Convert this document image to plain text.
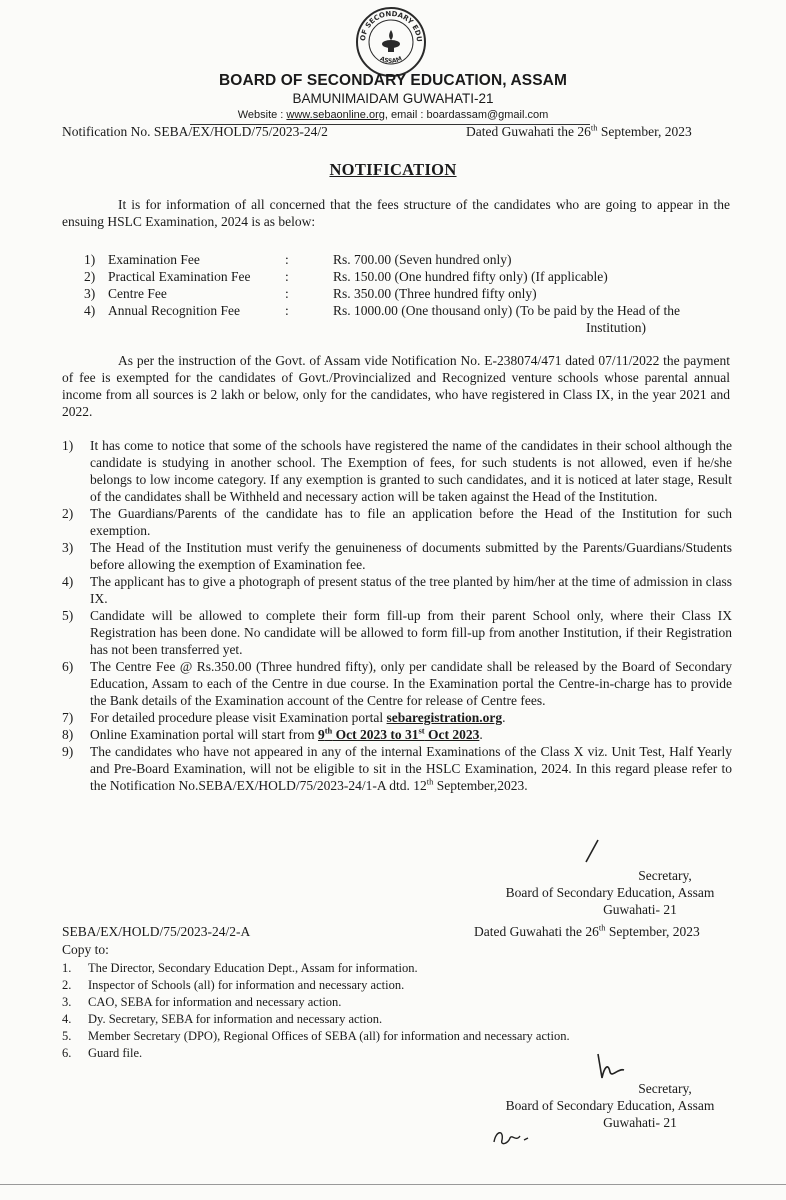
OF SECONDARY EDU
ASSAM
BOARD OF SECONDARY EDUCATION, ASSAM
BAMUNIMAIDAM GUWAHATI-21
Website : www.sebaonline.org, email : boardassam@gmail.com
Notification No. SEBA/EX/HOLD/75/2023-24/2	Dated Guwahati the 26th September, 2023
NOTIFICATION
It is for information of all concerned that the fees structure of the candidates who are going to appear in the ensuing HSLC Examination, 2024 is as below:
1) Examination Fee	:	Rs. 700.00 (Seven hundred only)
2) Practical Examination Fee	:	Rs. 150.00 (One hundred fifty only) (If applicable)
3) Centre Fee	:	Rs. 350.00 (Three hundred fifty only)
4) Annual Recognition Fee	:	Rs. 1000.00 (One thousand only) (To be paid by the Head of the
Institution)
As per the instruction of the Govt. of Assam vide Notification No. E-238074/471 dated 07/11/2022 the payment of fee is exempted for the candidates of Govt./Provincialized and Recognized venture schools whose parental annual income from all sources is 2 lakh or below, only for the candidates, who have registered in Class IX, in the year 2021 and 2022.
1) It has come to notice that some of the schools have registered the name of the candidates in their school although the candidate is studying in another school. The Exemption of fees, for such students is not allowed, even if he/she belongs to low income category. If any exemption is granted to such candidates, and it is noticed at later stage, Result of the candidates shall be Withheld and necessary action will be taken against the Head of the Institution.
2) The Guardians/Parents of the candidate has to file an application before the Head of the Institution for such exemption.
3) The Head of the Institution must verify the genuineness of documents submitted by the Parents/Guardians/Students before allowing the exemption of Examination fee.
4) The applicant has to give a photograph of present status of the tree planted by him/her at the time of admission in class IX.
5) Candidate will be allowed to complete their form fill-up from their parent School only, where their Class IX Registration has been done. No candidate will be allowed to form fill-up from another Institution, if their Registration has not been transferred yet.
6) The Centre Fee @ Rs.350.00 (Three hundred fifty), only per candidate shall be released by the Board of Secondary Education, Assam to each of the Centre in due course. In the Examination portal the Centre-in-charge has to provide the Bank details of the Examination account of the Centre for release of Centre fees.
7) For detailed procedure please visit Examination portal sebaregistration.org.
8) Online Examination portal will start from 9th Oct 2023 to 31st Oct 2023.
9) The candidates who have not appeared in any of the internal Examinations of the Class X viz. Unit Test, Half Yearly and Pre-Board Examination, will not be eligible to sit in the HSLC Examination, 2024. In this regard please refer to the Notification No.SEBA/EX/HOLD/75/2023-24/1-A dtd. 12th September,2023.
Secretary,
Board of Secondary Education, Assam
Guwahati- 21
SEBA/EX/HOLD/75/2023-24/2-A	Dated Guwahati the 26th September, 2023
Copy to:
1. The Director, Secondary Education Dept., Assam for information.
2. Inspector of Schools (all) for information and necessary action.
3. CAO, SEBA for information and necessary action.
4. Dy. Secretary, SEBA for information and necessary action.
5. Member Secretary (DPO), Regional Offices of SEBA (all) for information and necessary action.
6. Guard file.
Secretary,
Board of Secondary Education, Assam
Guwahati- 21
